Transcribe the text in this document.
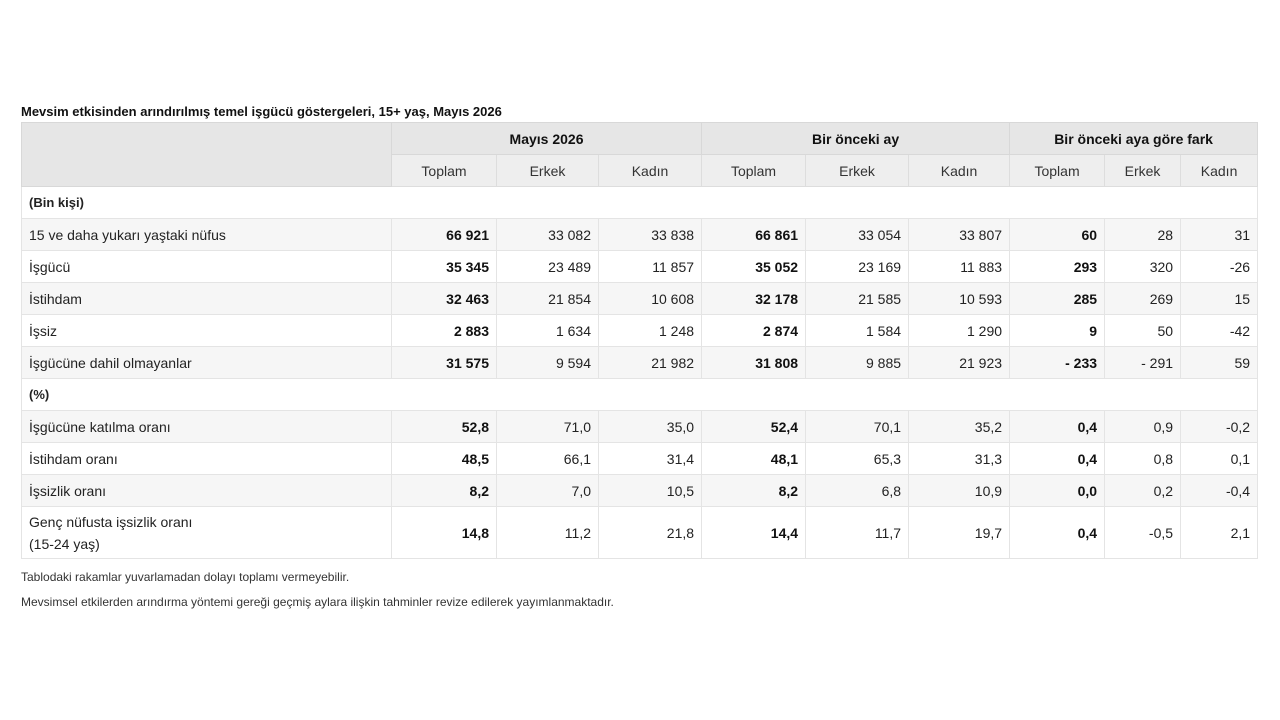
Mevsim etkisinden arındırılmış temel işgücü göstergeleri, 15+ yaş, Mayıs 2026
	Mayıs 2026			Bir önceki ay			Bir önceki aya göre fark		
	Toplam	Erkek	Kadın	Toplam	Erkek	Kadın	Toplam	Erkek	Kadın
(Bin kişi)									
15 ve daha yukarı yaştaki nüfus	66 921	33 082	33 838	66 861	33 054	33 807	60	28	31
İşgücü	35 345	23 489	11 857	35 052	23 169	11 883	293	320	-26
İstihdam	32 463	21 854	10 608	32 178	21 585	10 593	285	269	15
İşsiz	2 883	1 634	1 248	2 874	1 584	1 290	9	50	-42
İşgücüne dahil olmayanlar	31 575	9 594	21 982	31 808	9 885	21 923	- 233	- 291	59
(%)									
İşgücüne katılma oranı	52,8	71,0	35,0	52,4	70,1	35,2	0,4	0,9	-0,2
İstihdam oranı	48,5	66,1	31,4	48,1	65,3	31,3	0,4	0,8	0,1
İşsizlik oranı	8,2	7,0	10,5	8,2	6,8	10,9	0,0	0,2	-0,4

Genç nüfusta işsizlik oranı
(15-24 yaş)	14,8	11,2	21,8	14,4	11,7	19,7	0,4	-0,5	2,1

Tablodaki rakamlar yuvarlamadan dolayı toplamı vermeyebilir.

Mevsimsel etkilerden arındırma yöntemi gereği geçmiş aylara ilişkin tahminler revize edilerek yayımlanmaktadır.
